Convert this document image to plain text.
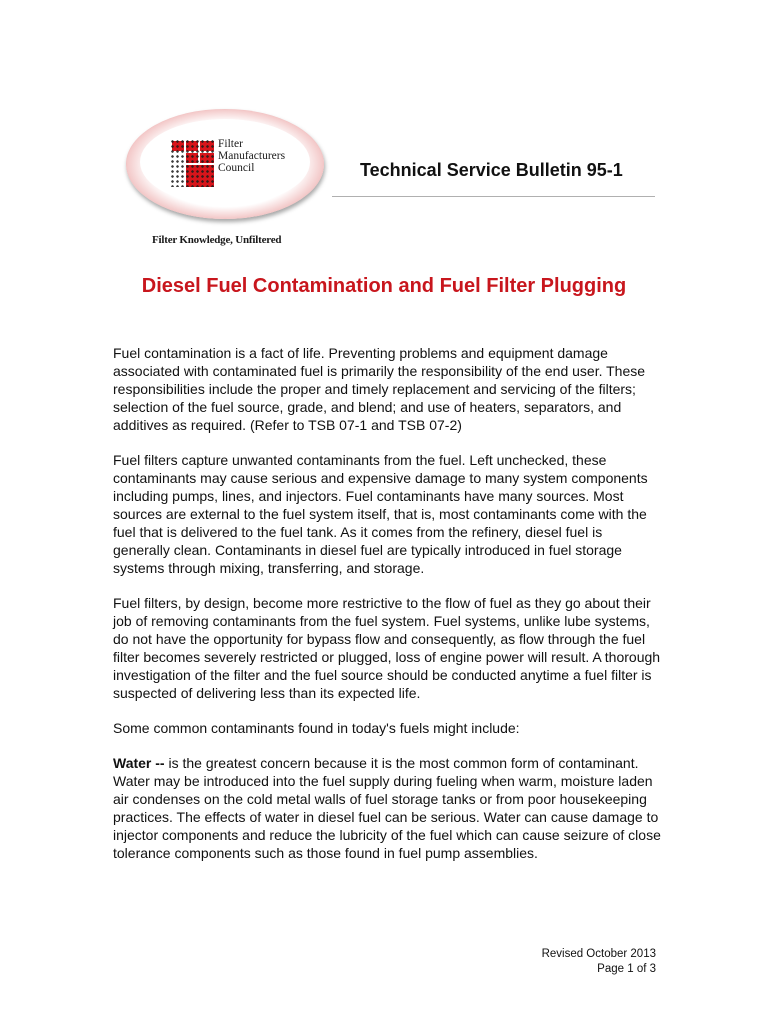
Filter
Manufacturers
Council
Filter Knowledge, Unfiltered
Technical Service Bulletin 95-1
Diesel Fuel Contamination and Fuel Filter Plugging

Fuel contamination is a fact of life. Preventing problems and equipment damage associated with contaminated fuel is primarily the responsibility of the end user. These responsibilities include the proper and timely replacement and servicing of the filters; selection of the fuel source, grade, and blend; and use of heaters, separators, and additives as required. (Refer to TSB 07-1 and TSB 07-2)

Fuel filters capture unwanted contaminants from the fuel. Left unchecked, these contaminants may cause serious and expensive damage to many system components including pumps, lines, and injectors. Fuel contaminants have many sources. Most sources are external to the fuel system itself, that is, most contaminants come with the fuel that is delivered to the fuel tank. As it comes from the refinery, diesel fuel is generally clean. Contaminants in diesel fuel are typically introduced in fuel storage systems through mixing, transferring, and storage.

Fuel filters, by design, become more restrictive to the flow of fuel as they go about their job of removing contaminants from the fuel system. Fuel systems, unlike lube systems, do not have the opportunity for bypass flow and consequently, as flow through the fuel filter becomes severely restricted or plugged, loss of engine power will result. A thorough investigation of the filter and the fuel source should be conducted anytime a fuel filter is suspected of delivering less than its expected life.

Some common contaminants found in today's fuels might include:

Water -- is the greatest concern because it is the most common form of contaminant. Water may be introduced into the fuel supply during fueling when warm, moisture laden air condenses on the cold metal walls of fuel storage tanks or from poor housekeeping practices. The effects of water in diesel fuel can be serious. Water can cause damage to injector components and reduce the lubricity of the fuel which can cause seizure of close tolerance components such as those found in fuel pump assemblies.

Revised October 2013
Page 1 of 3
